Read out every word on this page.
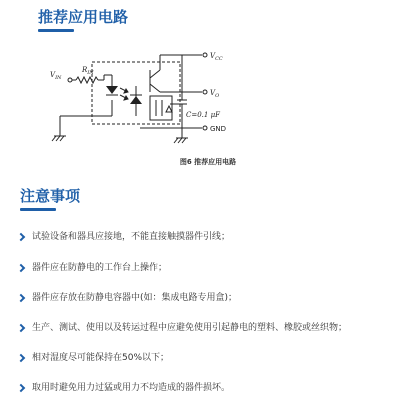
推荐应用电路
$V_{IN}$
$R_{IN}$
$V_{CC}$
$V_O$
C=0.1 μF
GND
图6 推荐应用电路
注意事项
试验设备和器具应接地，不能直接触摸器件引线；
器件应在防静电的工作台上操作；
器件应存放在防静电容器中(如：集成电路专用盒)；
生产、测试、使用以及转运过程中应避免使用引起静电的塑料、橡胶或丝织物；
相对湿度尽可能保持在50%以下；
取用时避免用力过猛或用力不均造成的器件损坏。
